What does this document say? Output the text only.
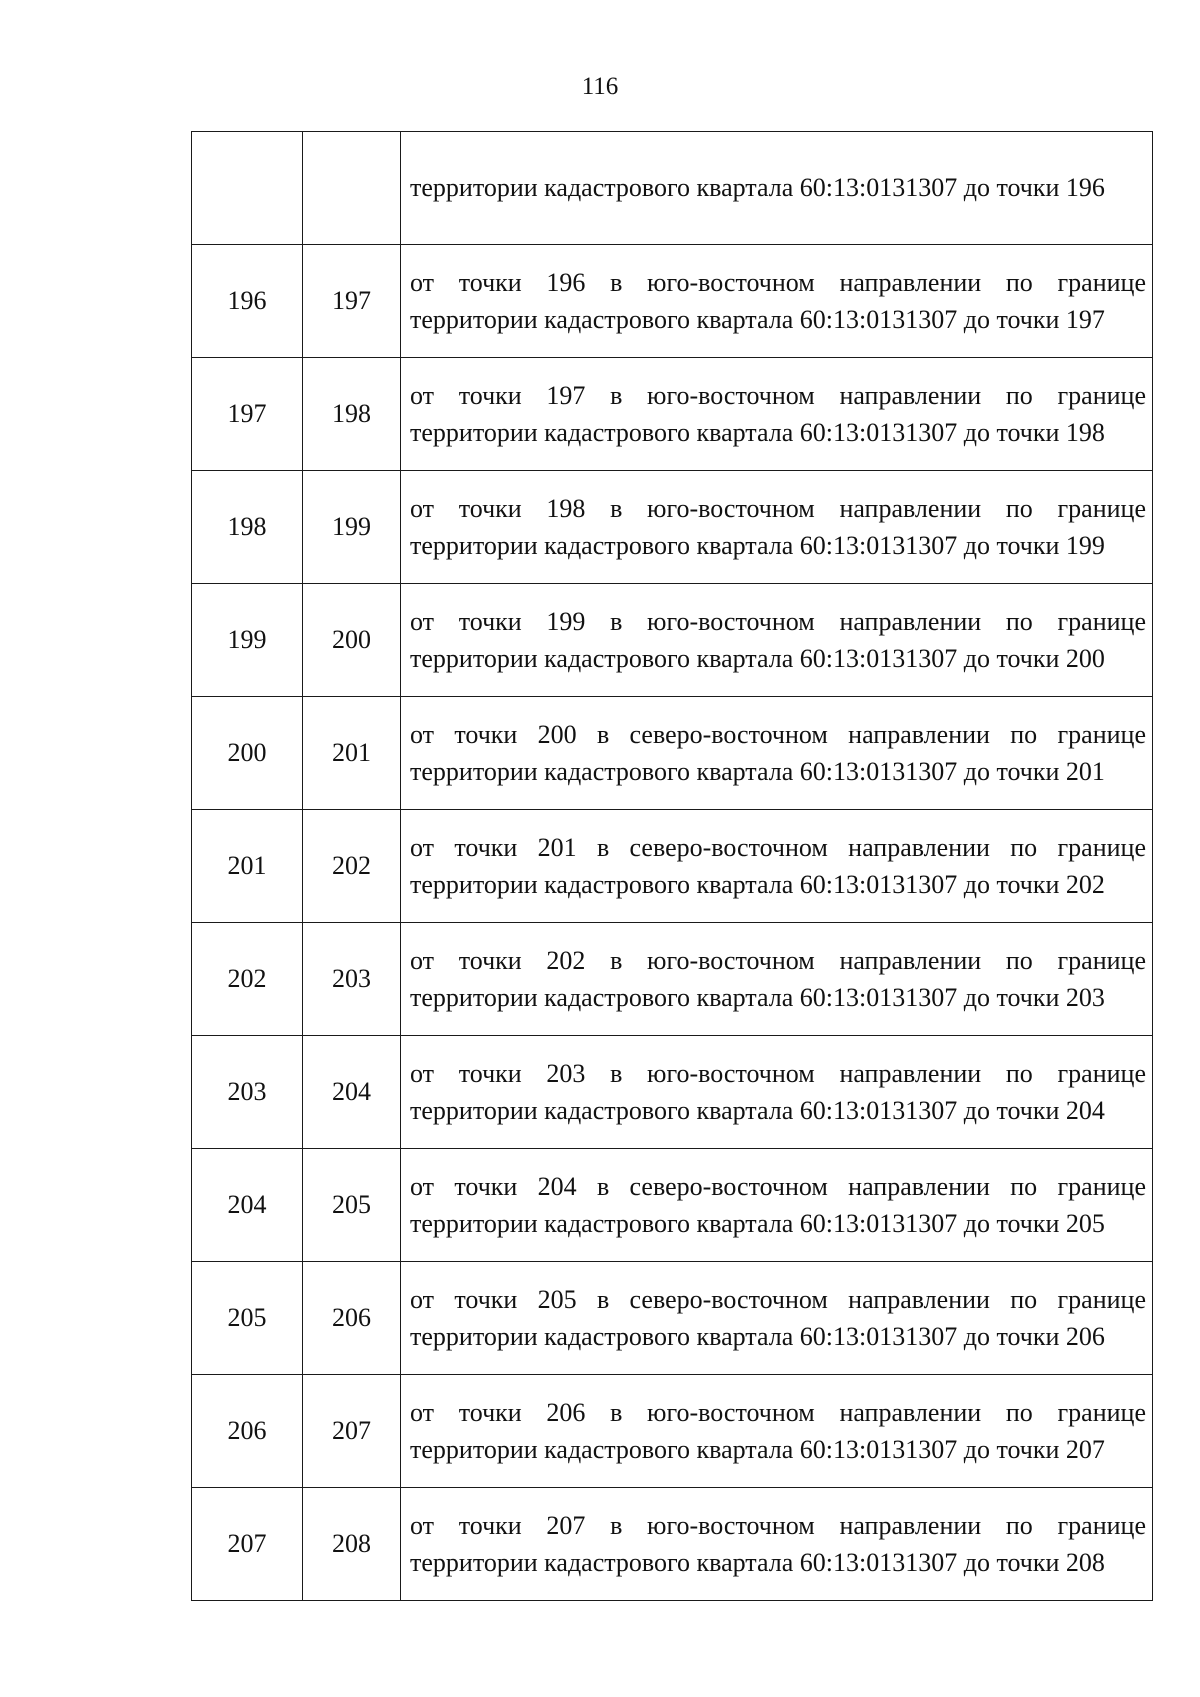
116
		территории кадастрового квартала 60:13:0131307 до точки 196
196	197	от точки 196 в юго-восточном направлении по границе территории кадастрового квартала 60:13:0131307 до точки 197
197	198	от точки 197 в юго-восточном направлении по границе территории кадастрового квартала 60:13:0131307 до точки 198
198	199	от точки 198 в юго-восточном направлении по границе территории кадастрового квартала 60:13:0131307 до точки 199
199	200	от точки 199 в юго-восточном направлении по границе территории кадастрового квартала 60:13:0131307 до точки 200
200	201	от точки 200 в северо-восточном направлении по границе территории кадастрового квартала 60:13:0131307 до точки 201
201	202	от точки 201 в северо-восточном направлении по границе территории кадастрового квартала 60:13:0131307 до точки 202
202	203	от точки 202 в юго-восточном направлении по границе территории кадастрового квартала 60:13:0131307 до точки 203
203	204	от точки 203 в юго-восточном направлении по границе территории кадастрового квартала 60:13:0131307 до точки 204
204	205	от точки 204 в северо-восточном направлении по границе территории кадастрового квартала 60:13:0131307 до точки 205
205	206	от точки 205 в северо-восточном направлении по границе территории кадастрового квартала 60:13:0131307 до точки 206
206	207	от точки 206 в юго-восточном направлении по границе территории кадастрового квартала 60:13:0131307 до точки 207
207	208	от точки 207 в юго-восточном направлении по границе территории кадастрового квартала 60:13:0131307 до точки 208
